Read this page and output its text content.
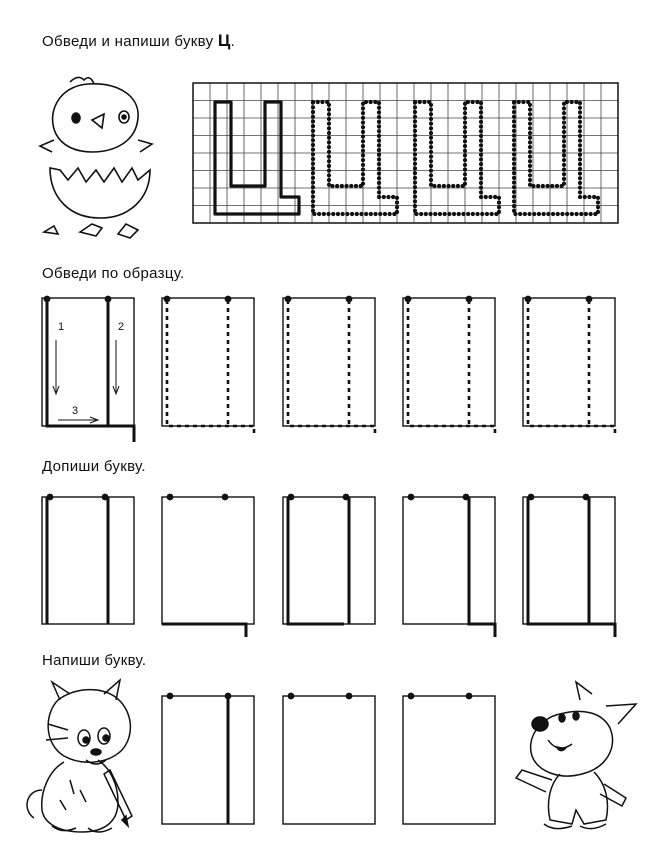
Обведи и напиши букву Ц.
Обведи по образцу.
Допиши букву.
Напиши букву.
1	2
3
